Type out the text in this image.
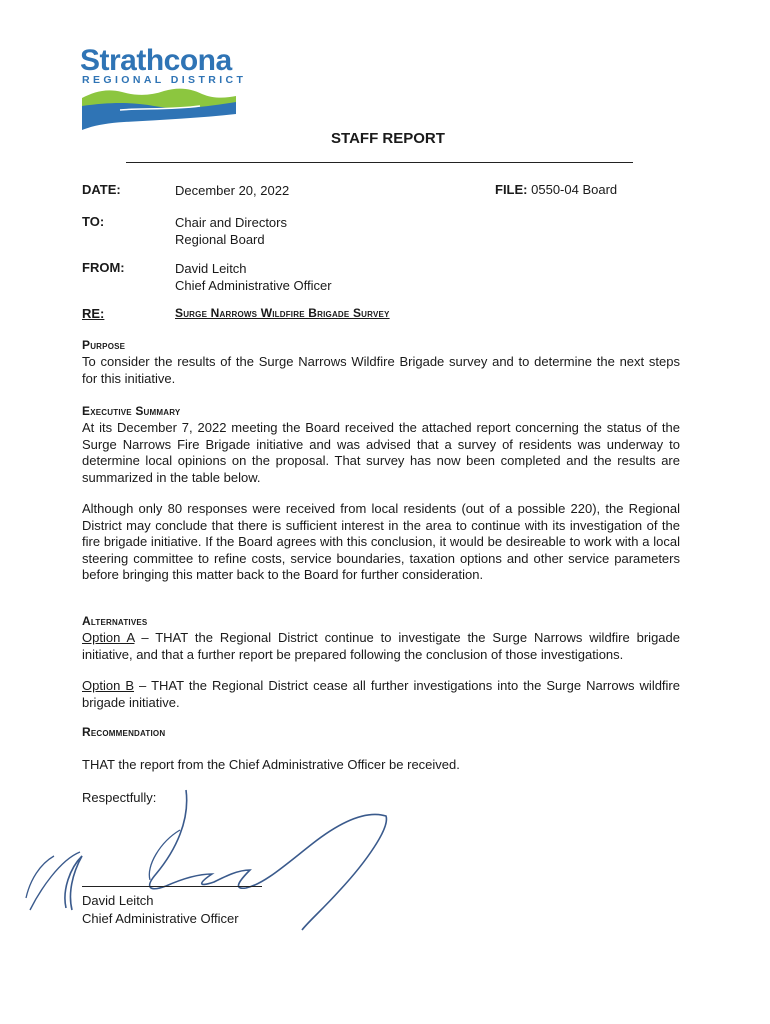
Strathcona
REGIONAL DISTRICT
STAFF REPORT
DATE:	December 20, 2022	FILE: 0550-04 Board
TO:	Chair and Directors
Regional Board
FROM:	David Leitch
Chief Administrative Officer
RE:	Surge Narrows Wildfire Brigade Survey
Purpose

To consider the results of the Surge Narrows Wildfire Brigade survey and to determine the next steps for this initiative.

Executive Summary

At its December 7, 2022 meeting the Board received the attached report concerning the status of the Surge Narrows Fire Brigade initiative and was advised that a survey of residents was underway to determine local opinions on the proposal. That survey has now been completed and the results are summarized in the table below.

Although only 80 responses were received from local residents (out of a possible 220), the Regional District may conclude that there is sufficient interest in the area to continue with its investigation of the fire brigade initiative. If the Board agrees with this conclusion, it would be desireable to work with a local steering committee to refine costs, service boundaries, taxation options and other service parameters before bringing this matter back to the Board for further consideration.

Alternatives

Option A – THAT the Regional District continue to investigate the Surge Narrows wildfire brigade initiative, and that a further report be prepared following the conclusion of those investigations.

Option B – THAT the Regional District cease all further investigations into the Surge Narrows wildfire brigade initiative.

Recommendation

THAT the report from the Chief Administrative Officer be received.

Respectfully:

David Leitch

Chief Administrative Officer
